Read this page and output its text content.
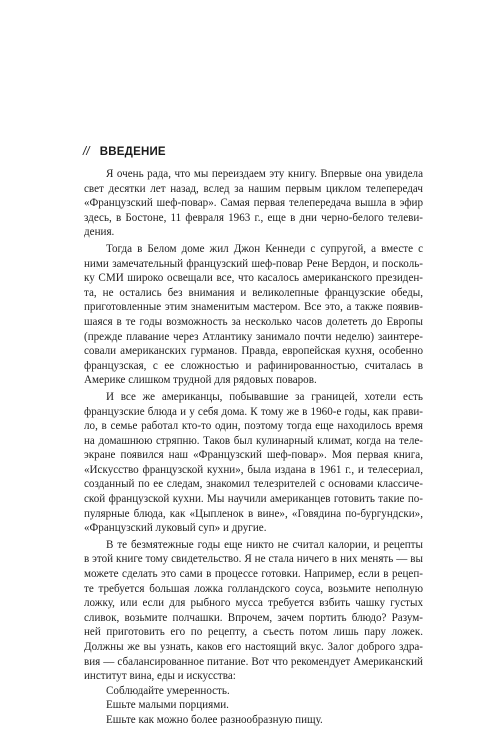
// ВВЕДЕНИЕ
Я очень рада, что мы переиздаем эту книгу. Впервые она увидела
свет десятки лет назад, вслед за нашим первым циклом телепередач
«Французский шеф-повар». Самая первая телепередача вышла в эфир
здесь, в Бостоне, 11 февраля 1963 г., еще в дни черно-белого телеви-
дения.
Тогда в Белом доме жил Джон Кеннеди с супругой, а вместе с
ними замечательный французский шеф-повар Рене Вердон, и посколь-
ку СМИ широко освещали все, что касалось американского президен-
та, не остались без внимания и великолепные французские обеды,
приготовленные этим знаменитым мастером. Все это, а также появив-
шаяся в те годы возможность за несколько часов долететь до Европы
(прежде плавание через Атлантику занимало почти неделю) заинтере-
совали американских гурманов. Правда, европейская кухня, особенно
французская, с ее сложностью и рафинированностью, считалась в
Америке слишком трудной для рядовых поваров.
И все же американцы, побывавшие за границей, хотели есть
французские блюда и у себя дома. К тому же в 1960-е годы, как прави-
ло, в семье работал кто-то один, поэтому тогда еще находилось время
на домашнюю стряпню. Таков был кулинарный климат, когда на теле-
экране появился наш «Французский шеф-повар». Моя первая книга,
«Искусство французской кухни», была издана в 1961 г., и телесериал,
созданный по ее следам, знакомил телезрителей с основами классиче-
ской французской кухни. Мы научили американцев готовить такие по-
пулярные блюда, как «Цыпленок в вине», «Говядина по-бургундски»,
«Французский луковый суп» и другие.
В те безмятежные годы еще никто не считал калории, и рецепты
в этой книге тому свидетельство. Я не стала ничего в них менять — вы
можете сделать это сами в процессе готовки. Например, если в рецеп-
те требуется большая ложка голландского соуса, возьмите неполную
ложку, или если для рыбного мусса требуется взбить чашку густых
сливок, возьмите полчашки. Впрочем, зачем портить блюдо? Разум-
ней приготовить его по рецепту, а съесть потом лишь пару ложек.
Должны же вы узнать, каков его настоящий вкус. Залог доброго здра-
вия — сбалансированное питание. Вот что рекомендует Американский
институт вина, еды и искусства:
Соблюдайте умеренность.
Ешьте малыми порциями.
Ешьте как можно более разнообразную пищу.
